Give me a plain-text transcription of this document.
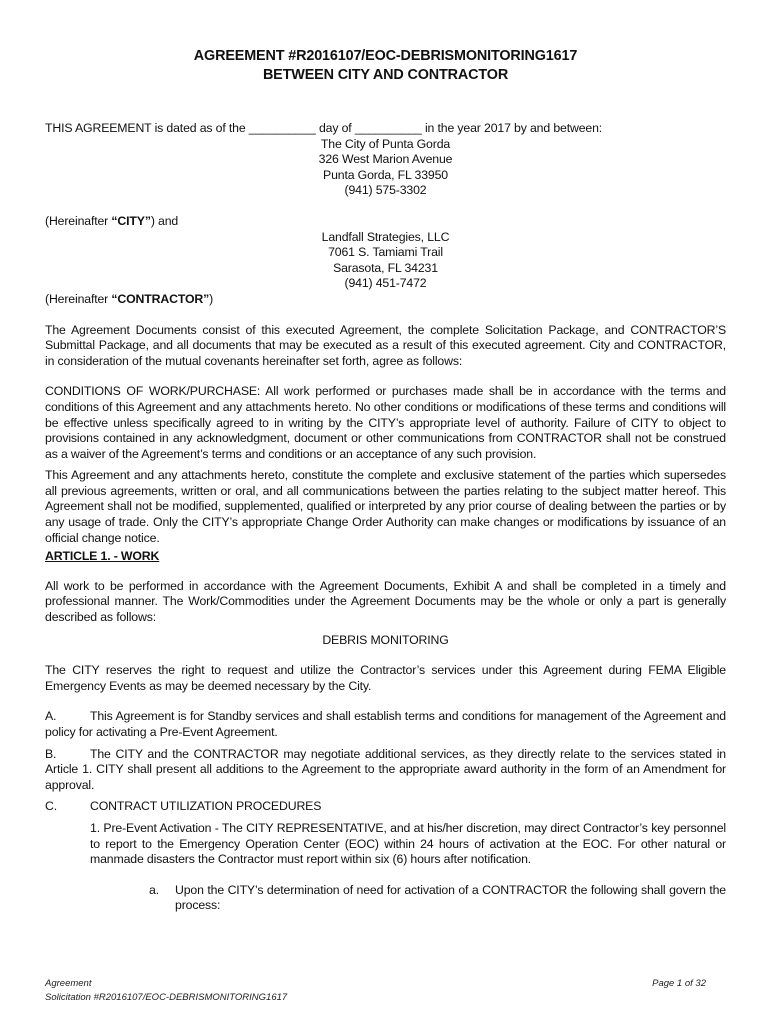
AGREEMENT #R2016107/EOC-DEBRISMONITORING1617

BETWEEN CITY AND CONTRACTOR

THIS AGREEMENT is dated as of the __________ day of __________ in the year 2017 by and between:

The City of Punta Gorda
326 West Marion Avenue
Punta Gorda, FL 33950
(941) 575-3302

(Hereinafter “CITY”) and

Landfall Strategies, LLC
7061 S. Tamiami Trail
Sarasota, FL 34231
(941) 451-7472

(Hereinafter “CONTRACTOR”)

The Agreement Documents consist of this executed Agreement, the complete Solicitation Package, and CONTRACTOR’S Submittal Package, and all documents that may be executed as a result of this executed agreement. City and CONTRACTOR, in consideration of the mutual covenants hereinafter set forth, agree as follows:

CONDITIONS OF WORK/PURCHASE: All work performed or purchases made shall be in accordance with the terms and conditions of this Agreement and any attachments hereto. No other conditions or modifications of these terms and conditions will be effective unless specifically agreed to in writing by the CITY’s appropriate level of authority. Failure of CITY to object to provisions contained in any acknowledgment, document or other communications from CONTRACTOR shall not be construed as a waiver of the Agreement’s terms and conditions or an acceptance of any such provision.

This Agreement and any attachments hereto, constitute the complete and exclusive statement of the parties which supersedes all previous agreements, written or oral, and all communications between the parties relating to the subject matter hereof. This Agreement shall not be modified, supplemented, qualified or interpreted by any prior course of dealing between the parties or by any usage of trade. Only the CITY’s appropriate Change Order Authority can make changes or modifications by issuance of an official change notice.

ARTICLE 1. - WORK

All work to be performed in accordance with the Agreement Documents, Exhibit A and shall be completed in a timely and professional manner. The Work/Commodities under the Agreement Documents may be the whole or only a part is generally described as follows:

DEBRIS MONITORING

The CITY reserves the right to request and utilize the Contractor’s services under this Agreement during FEMA Eligible Emergency Events as may be deemed necessary by the City.

A.	This Agreement is for Standby services and shall establish terms and conditions for management of the Agreement and policy for activating a Pre-Event Agreement.

B.	The CITY and the CONTRACTOR may negotiate additional services, as they directly relate to the services stated in Article 1. CITY shall present all additions to the Agreement to the appropriate award authority in the form of an Amendment for approval.

C.	CONTRACT UTILIZATION PROCEDURES

1. Pre-Event Activation - The CITY REPRESENTATIVE, and at his/her discretion, may direct Contractor’s key personnel to report to the Emergency Operation Center (EOC) within 24 hours of activation at the EOC. For other natural or manmade disasters the Contractor must report within six (6) hours after notification.

a.	Upon the CITY’s determination of need for activation of a CONTRACTOR the following shall govern the process:
Agreement
Solicitation #R2016107/EOC-DEBRISMONITORING1617
Page 1 of 32
